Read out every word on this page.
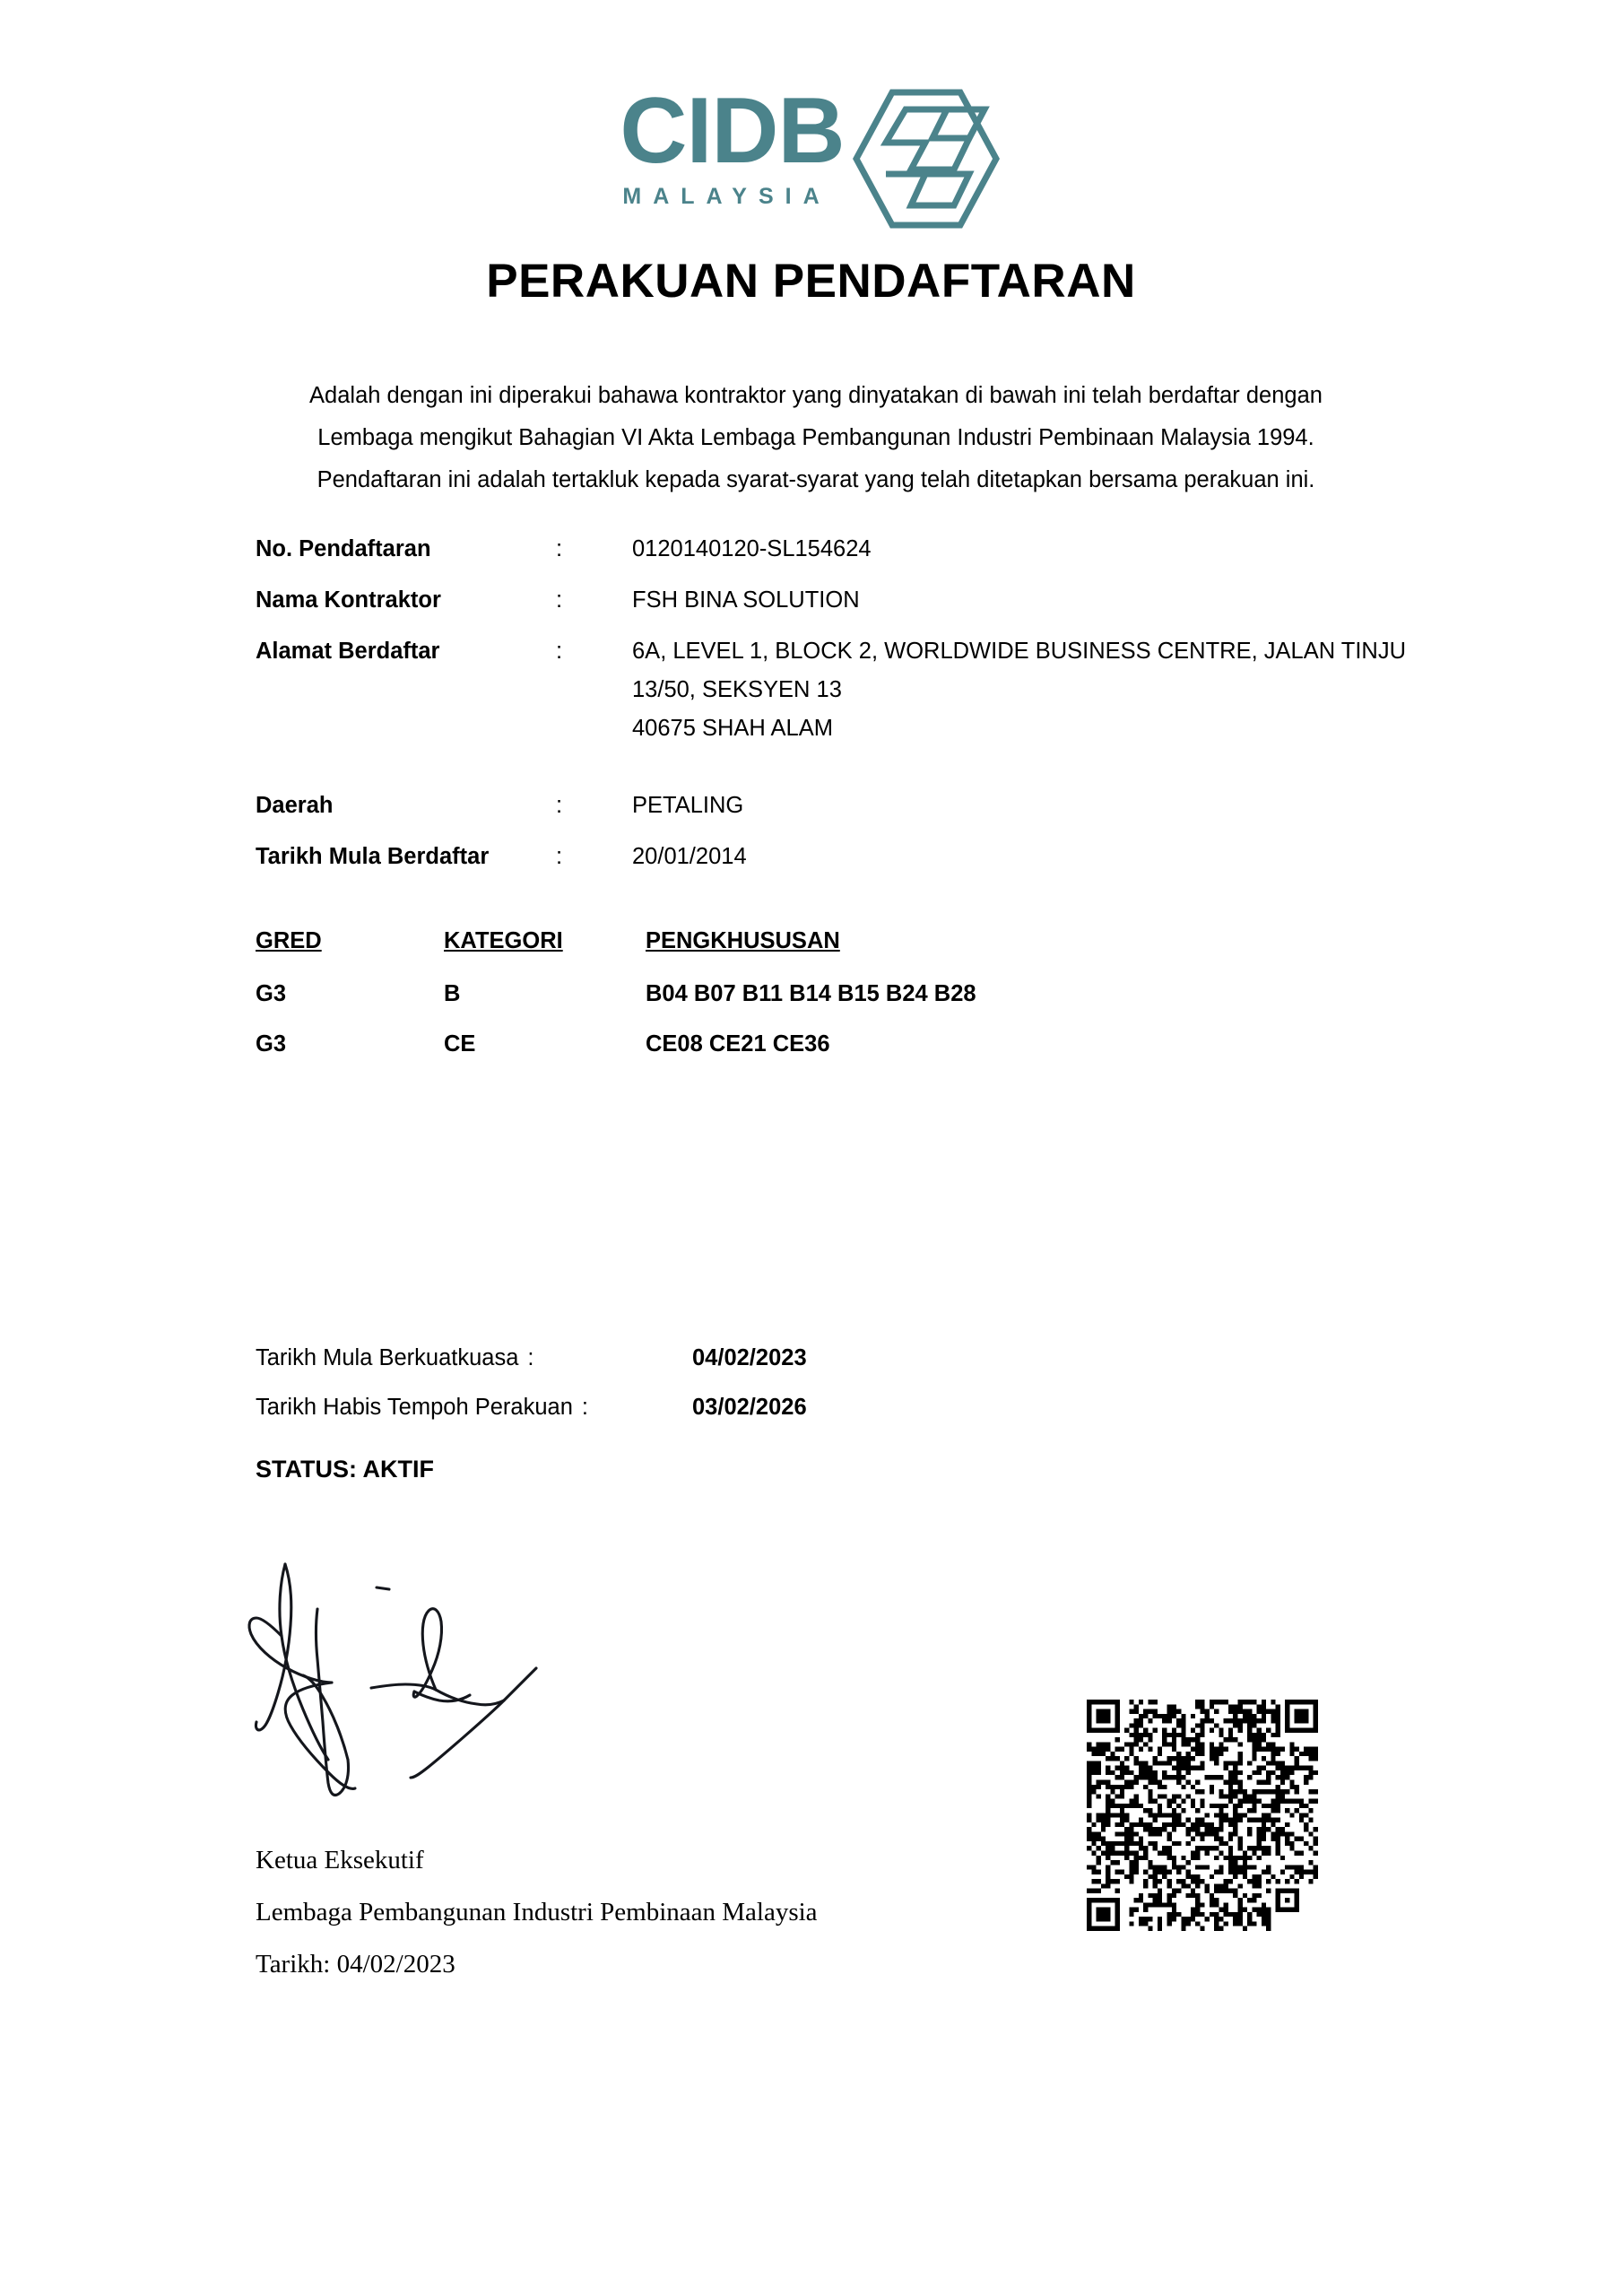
CIDB
MALAYSIA
PERAKUAN PENDAFTARAN
Adalah dengan ini diperakui bahawa kontraktor yang dinyatakan di bawah ini telah berdaftar dengan
Lembaga mengikut Bahagian VI Akta Lembaga Pembangunan Industri Pembinaan Malaysia 1994.
Pendaftaran ini adalah tertakluk kepada syarat-syarat yang telah ditetapkan bersama perakuan ini.
No. Pendaftaran	:	0120140120-SL154624
Nama Kontraktor	:	FSH BINA SOLUTION
Alamat Berdaftar	:	6A, LEVEL 1, BLOCK 2, WORLDWIDE BUSINESS CENTRE, JALAN TINJU
13/50, SEKSYEN 13
40675 SHAH ALAM
Daerah	:	PETALING
Tarikh Mula Berdaftar	:	20/01/2014
GRED	KATEGORI	PENGKHUSUSAN
G3	B	B04 B07 B11 B14 B15 B24 B28
G3	CE	CE08 CE21 CE36
Tarikh Mula Berkuatkuasa :	04/02/2023
Tarikh Habis Tempoh Perakuan :	03/02/2026
STATUS: AKTIF
Ketua Eksekutif
Lembaga Pembangunan Industri Pembinaan Malaysia
Tarikh: 04/02/2023
